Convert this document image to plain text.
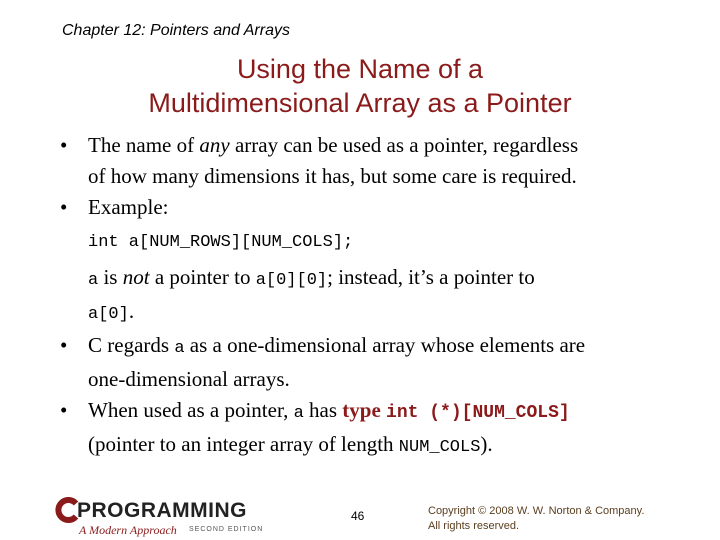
Chapter 12: Pointers and Arrays
Using the Name of a
Multidimensional Array as a Pointer
• The name of any array can be used as a pointer, regardless
of how many dimensions it has, but some care is required.
• Example:
int a[NUM_ROWS][NUM_COLS];
a is not a pointer to a[0][0]; instead, it’s a pointer to
a[0].
• C regards a as a one-dimensional array whose elements are
one-dimensional arrays.
• When used as a pointer, a has type int (*)[NUM_COLS]
(pointer to an integer array of length NUM_COLS).
PROGRAMMING
A Modern Approach SECOND EDITION
46	Copyright © 2008 W. W. Norton & Company.
All rights reserved.
